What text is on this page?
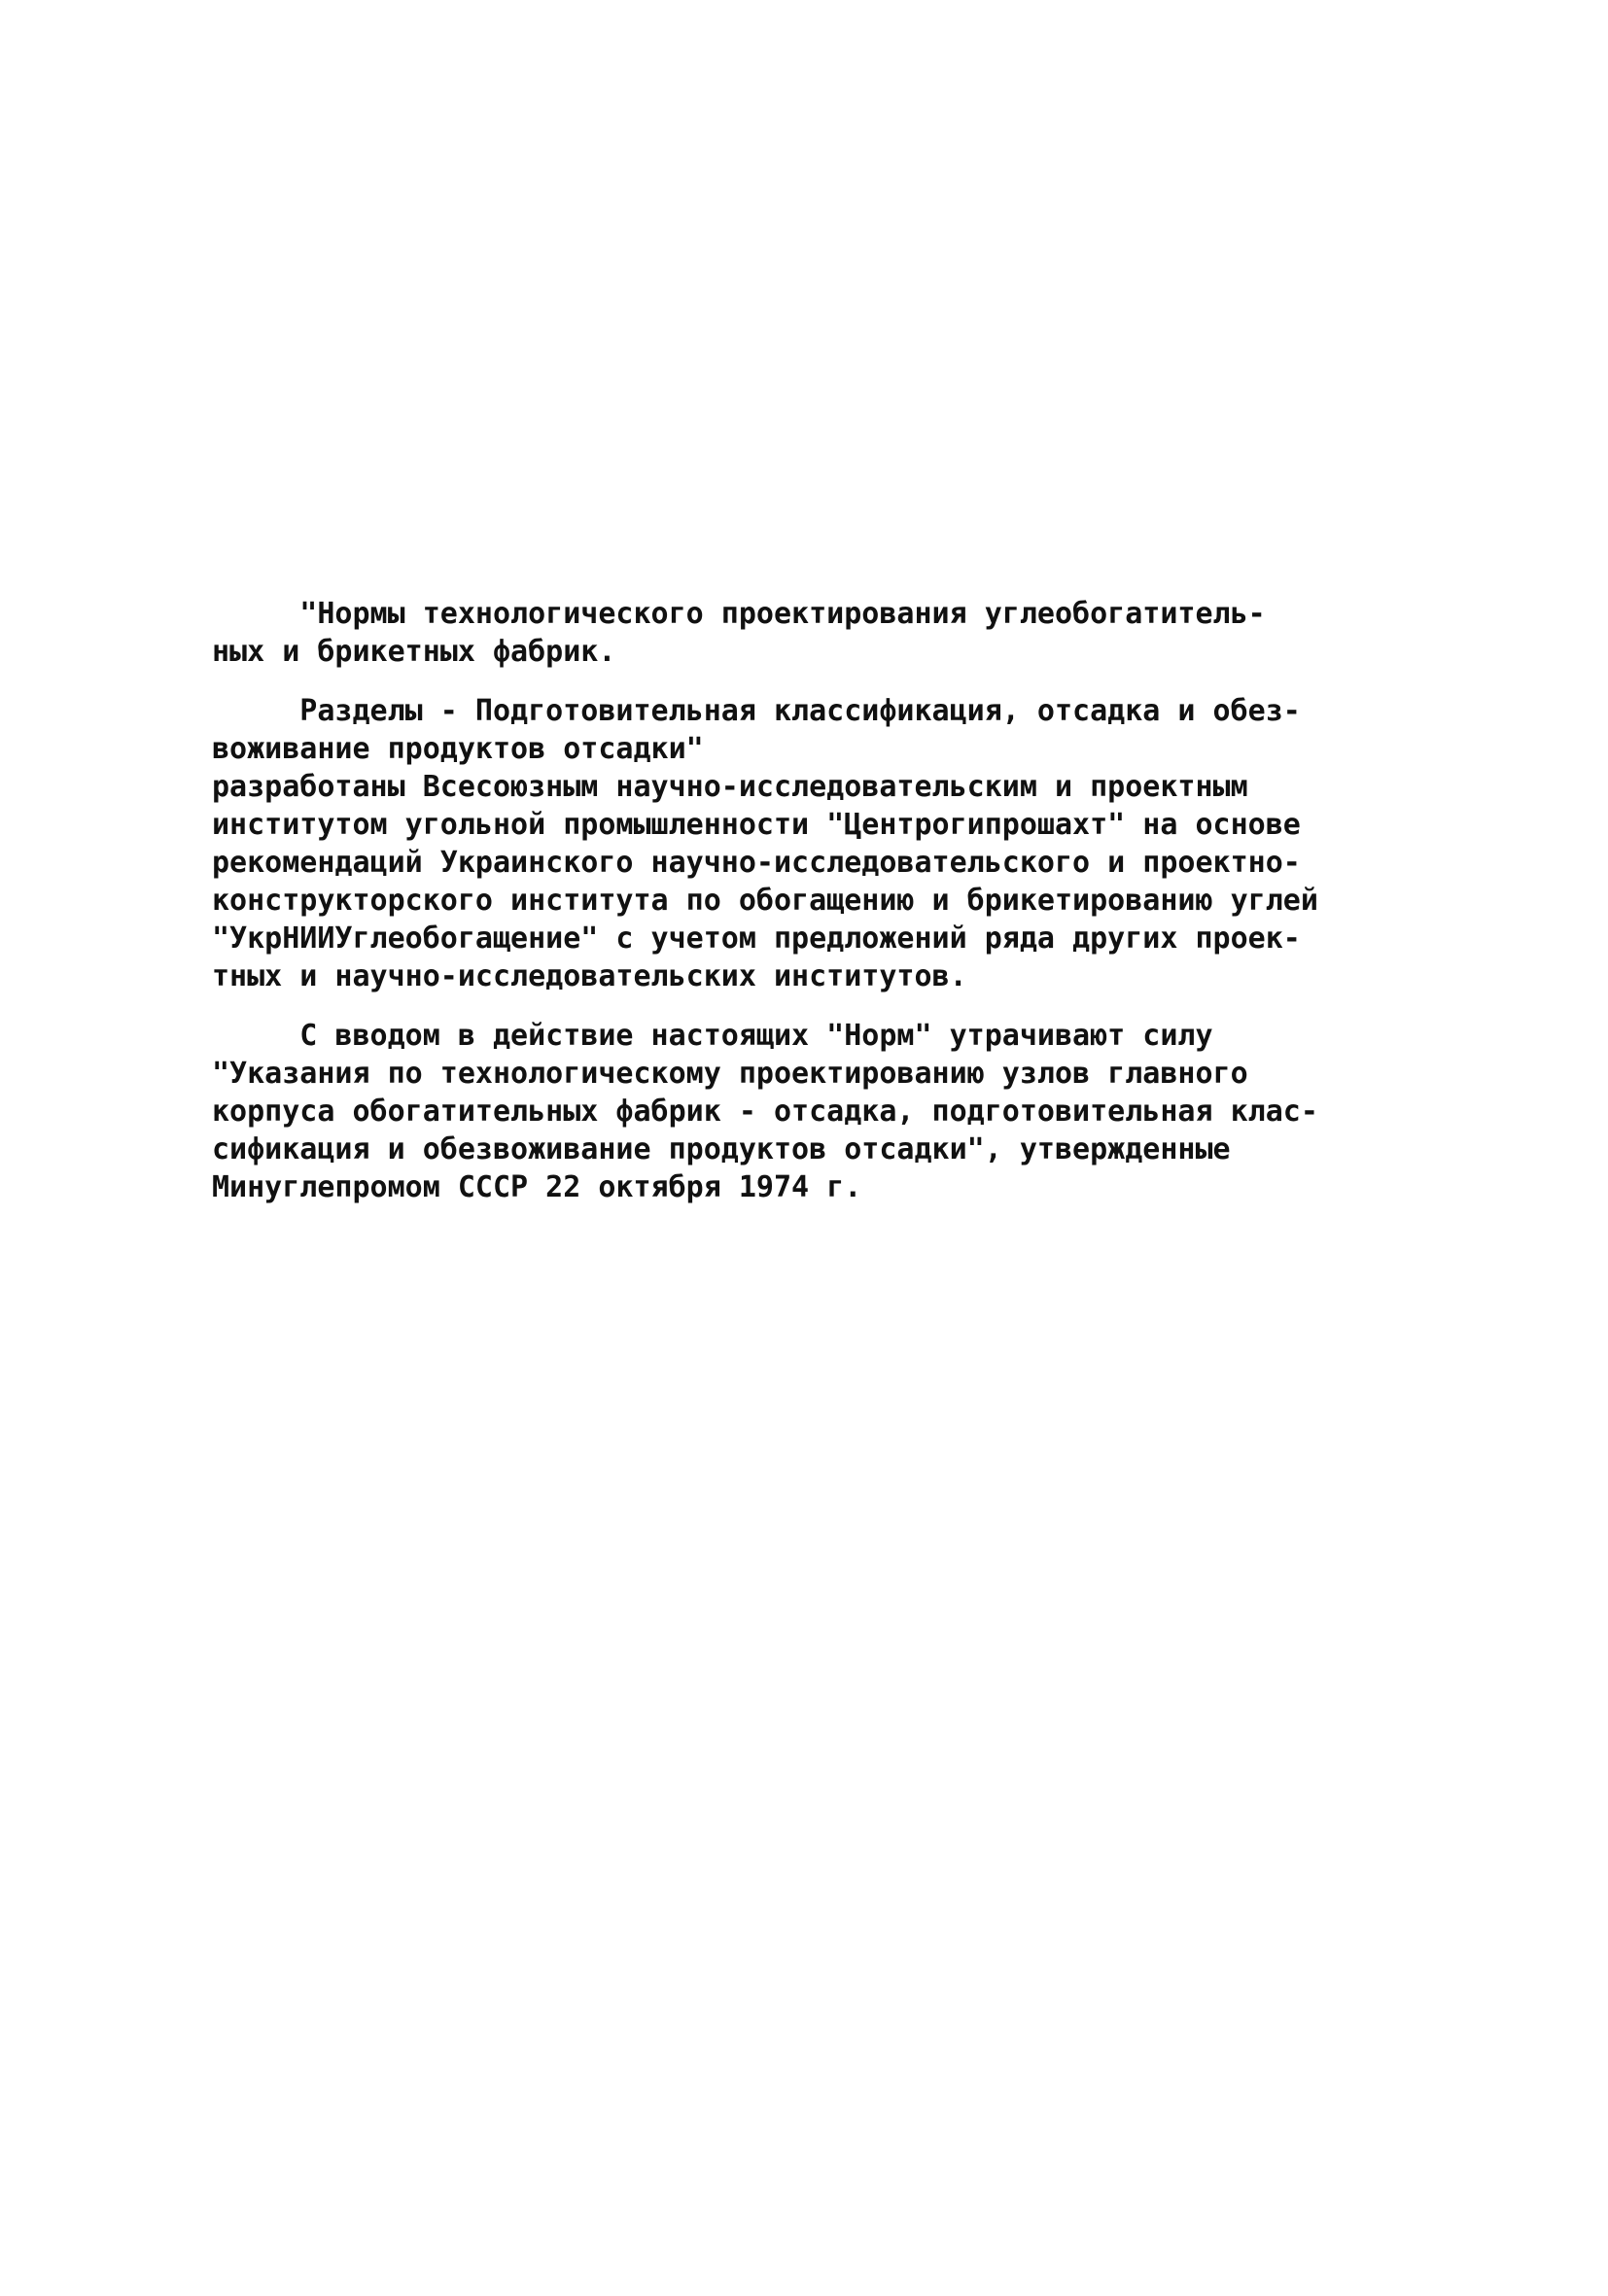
"Нормы технологического проектирования углеобогатитель-
ных и брикетных фабрик.
Разделы - Подготовительная классификация, отсадка и обез-
воживание продуктов отсадки"
разработаны Всесоюзным научно-исследовательским и проектным
институтом угольной промышленности "Центрогипрошахт" на основе
рекомендаций Украинского научно-исследовательского и проектно-
конструкторского института по обогащению и брикетированию углей
"УкрНИИУглеобогащение" с учетом предложений ряда других проек-
тных и научно-исследовательских институтов.
С вводом в действие настоящих "Норм" утрачивают силу
"Указания по технологическому проектированию узлов главного
корпуса обогатительных фабрик - отсадка, подготовительная клас-
сификация и обезвоживание продуктов отсадки", утвержденные
Минуглепромом СССР 22 октября 1974 г.
